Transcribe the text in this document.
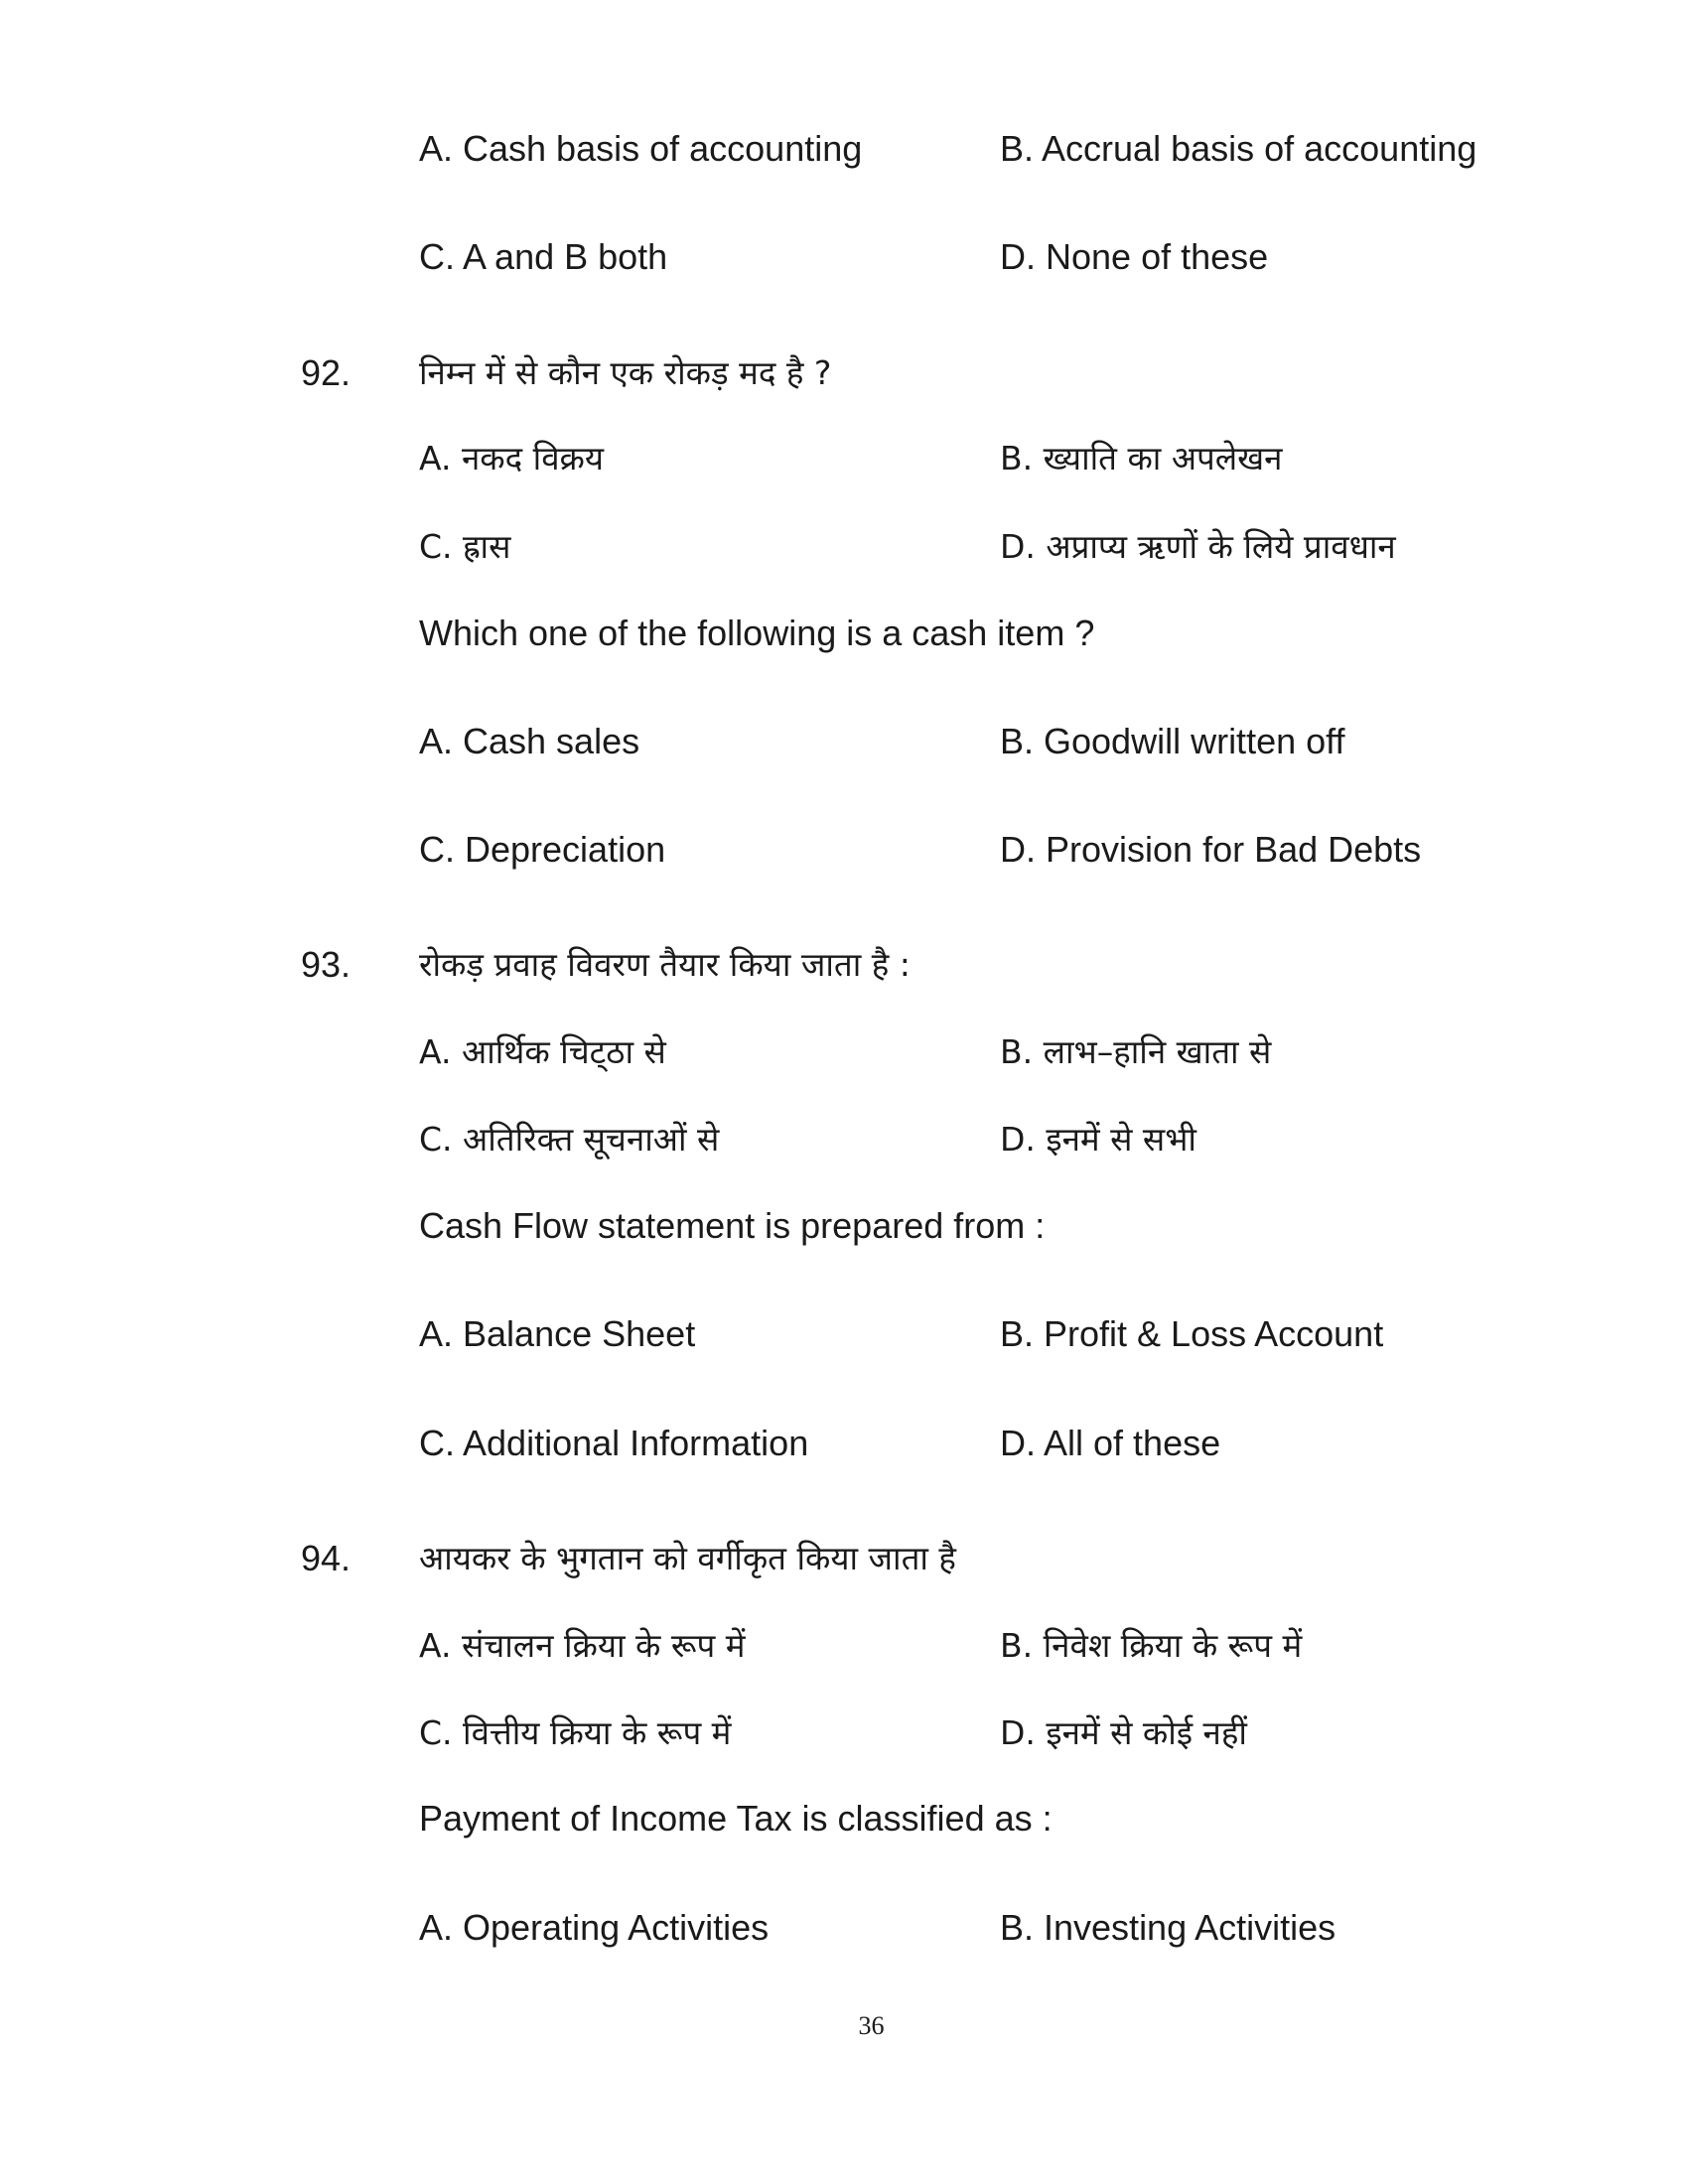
A. Cash basis of accounting	B. Accrual basis of accounting
C. A and B both	D. None of these
92. निम्न में से कौन एक रोकड़ मद है ?
A. नकद विक्रय	B. ख्याति का अपलेखन
C. ह्रास	D. अप्राप्य ऋणों के लिये प्रावधान
Which one of the following is a cash item ?
A. Cash sales	B. Goodwill written off
C. Depreciation	D. Provision for Bad Debts
93. रोकड़ प्रवाह विवरण तैयार किया जाता है :
A. आर्थिक चिट्‌ठा से	B. लाभ–हानि खाता से
C. अतिरिक्त सूचनाओं से	D. इनमें से सभी
Cash Flow statement is prepared from :
A. Balance Sheet	B. Profit & Loss Account
C. Additional Information	D. All of these
94. आयकर के भुगतान को वर्गीकृत किया जाता है
A. संचालन क्रिया के रूप में	B. निवेश क्रिया के रूप में
C. वित्तीय क्रिया के रूप में	D. इनमें से कोई नहीं
Payment of Income Tax is classified as :
A. Operating Activities	B. Investing Activities
36
